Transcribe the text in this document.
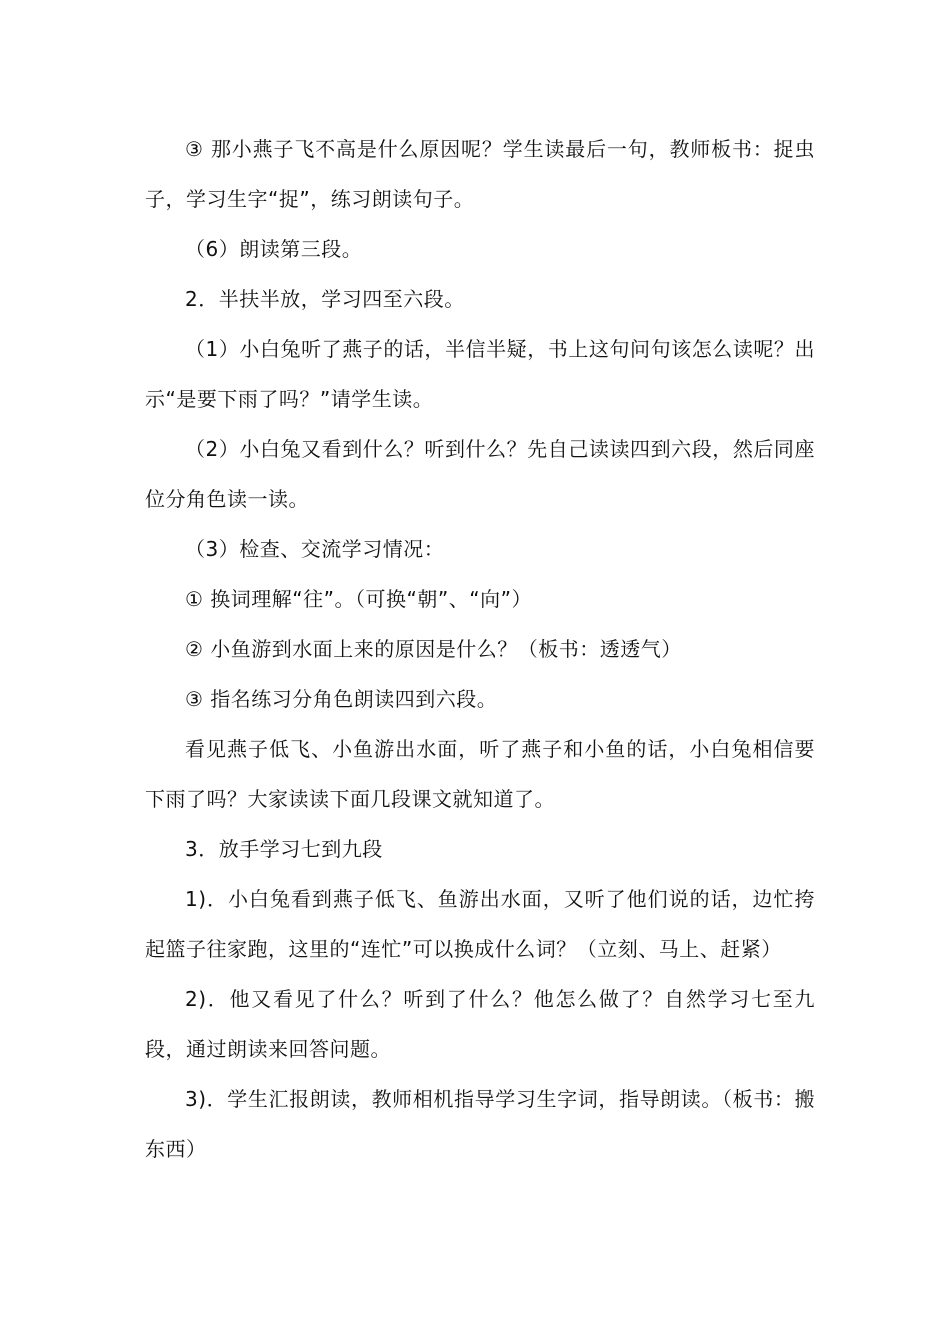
③ 那小燕子飞不高是什么原因呢？学生读最后一句，教师板书：捉虫子，学习生字“捉”，练习朗读句子。

（6）朗读第三段。

2．半扶半放，学习四至六段。

（1）小白兔听了燕子的话，半信半疑，书上这句问句该怎么读呢？出示“是要下雨了吗？”请学生读。

（2）小白兔又看到什么？听到什么？先自己读读四到六段，然后同座位分角色读一读。

（3）检查、交流学习情况：

① 换词理解“往”。（可换“朝”、“向”）

② 小鱼游到水面上来的原因是什么？（板书：透透气）

③ 指名练习分角色朗读四到六段。

看见燕子低飞、小鱼游出水面，听了燕子和小鱼的话，小白兔相信要下雨了吗？大家读读下面几段课文就知道了。

3．放手学习七到九段

1)．小白兔看到燕子低飞、鱼游出水面，又听了他们说的话，边忙挎起篮子往家跑，这里的“连忙”可以换成什么词？（立刻、马上、赶紧）

2)．他又看见了什么？听到了什么？他怎么做了？自然学习七至九段，通过朗读来回答问题。

3)．学生汇报朗读，教师相机指导学习生字词，指导朗读。（板书：搬东西）
